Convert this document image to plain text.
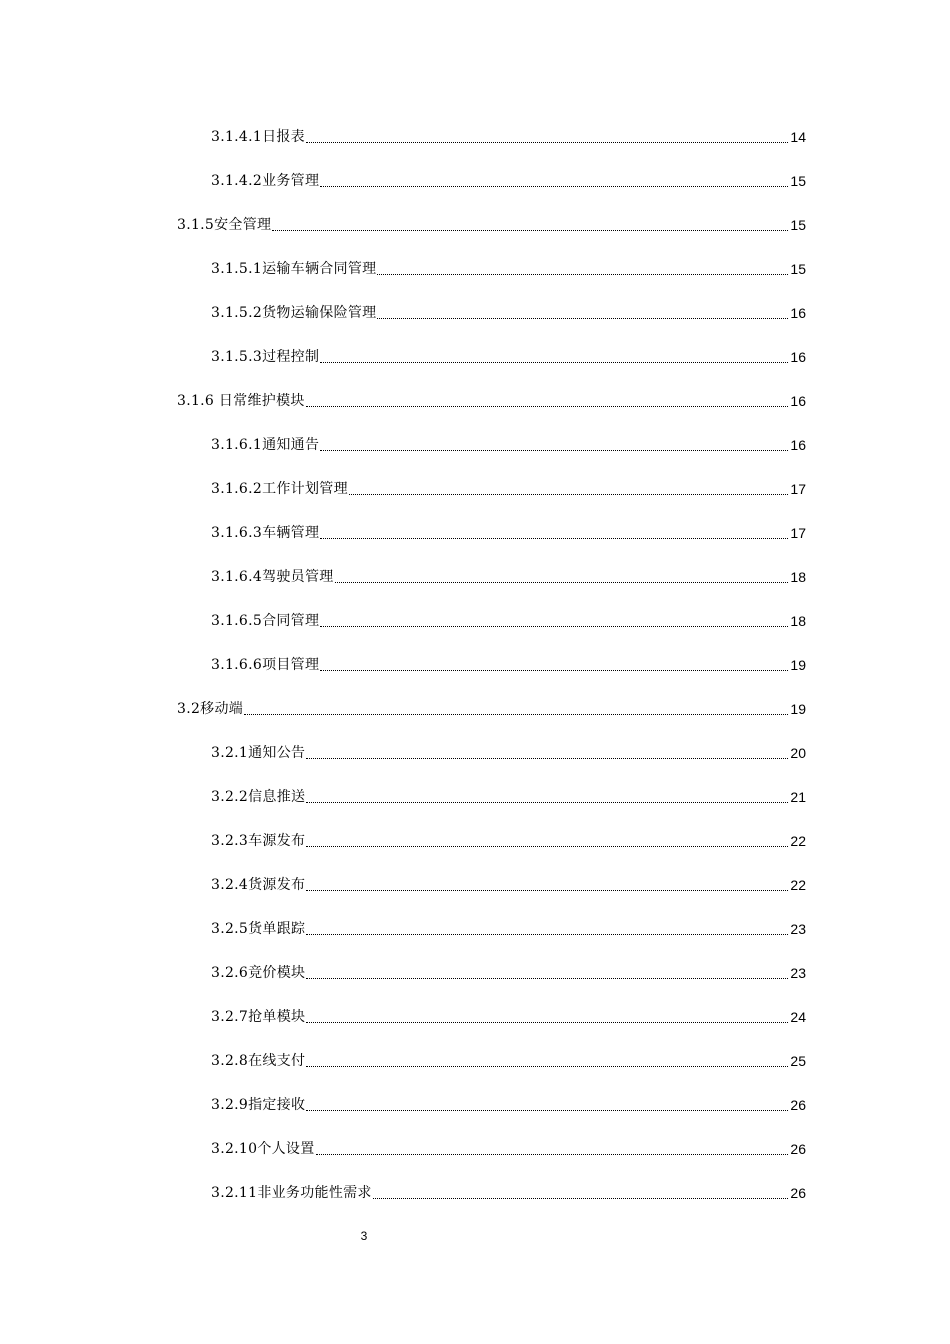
3.1.4.1日报表	14
3.1.4.2业务管理	15
3.1.5安全管理	15
3.1.5.1运输车辆合同管理	15
3.1.5.2货物运输保险管理	16
3.1.5.3过程控制	16
3.1.6 日常维护模块	16
3.1.6.1通知通告	16
3.1.6.2工作计划管理	17
3.1.6.3车辆管理	17
3.1.6.4驾驶员管理	18
3.1.6.5合同管理	18
3.1.6.6项目管理	19
3.2移动端	19
3.2.1通知公告	20
3.2.2信息推送	21
3.2.3车源发布	22
3.2.4货源发布	22
3.2.5货单跟踪	23
3.2.6竞价模块	23
3.2.7抢单模块	24
3.2.8在线支付	25
3.2.9指定接收	26
3.2.10个人设置	26
3.2.11非业务功能性需求	26
3
